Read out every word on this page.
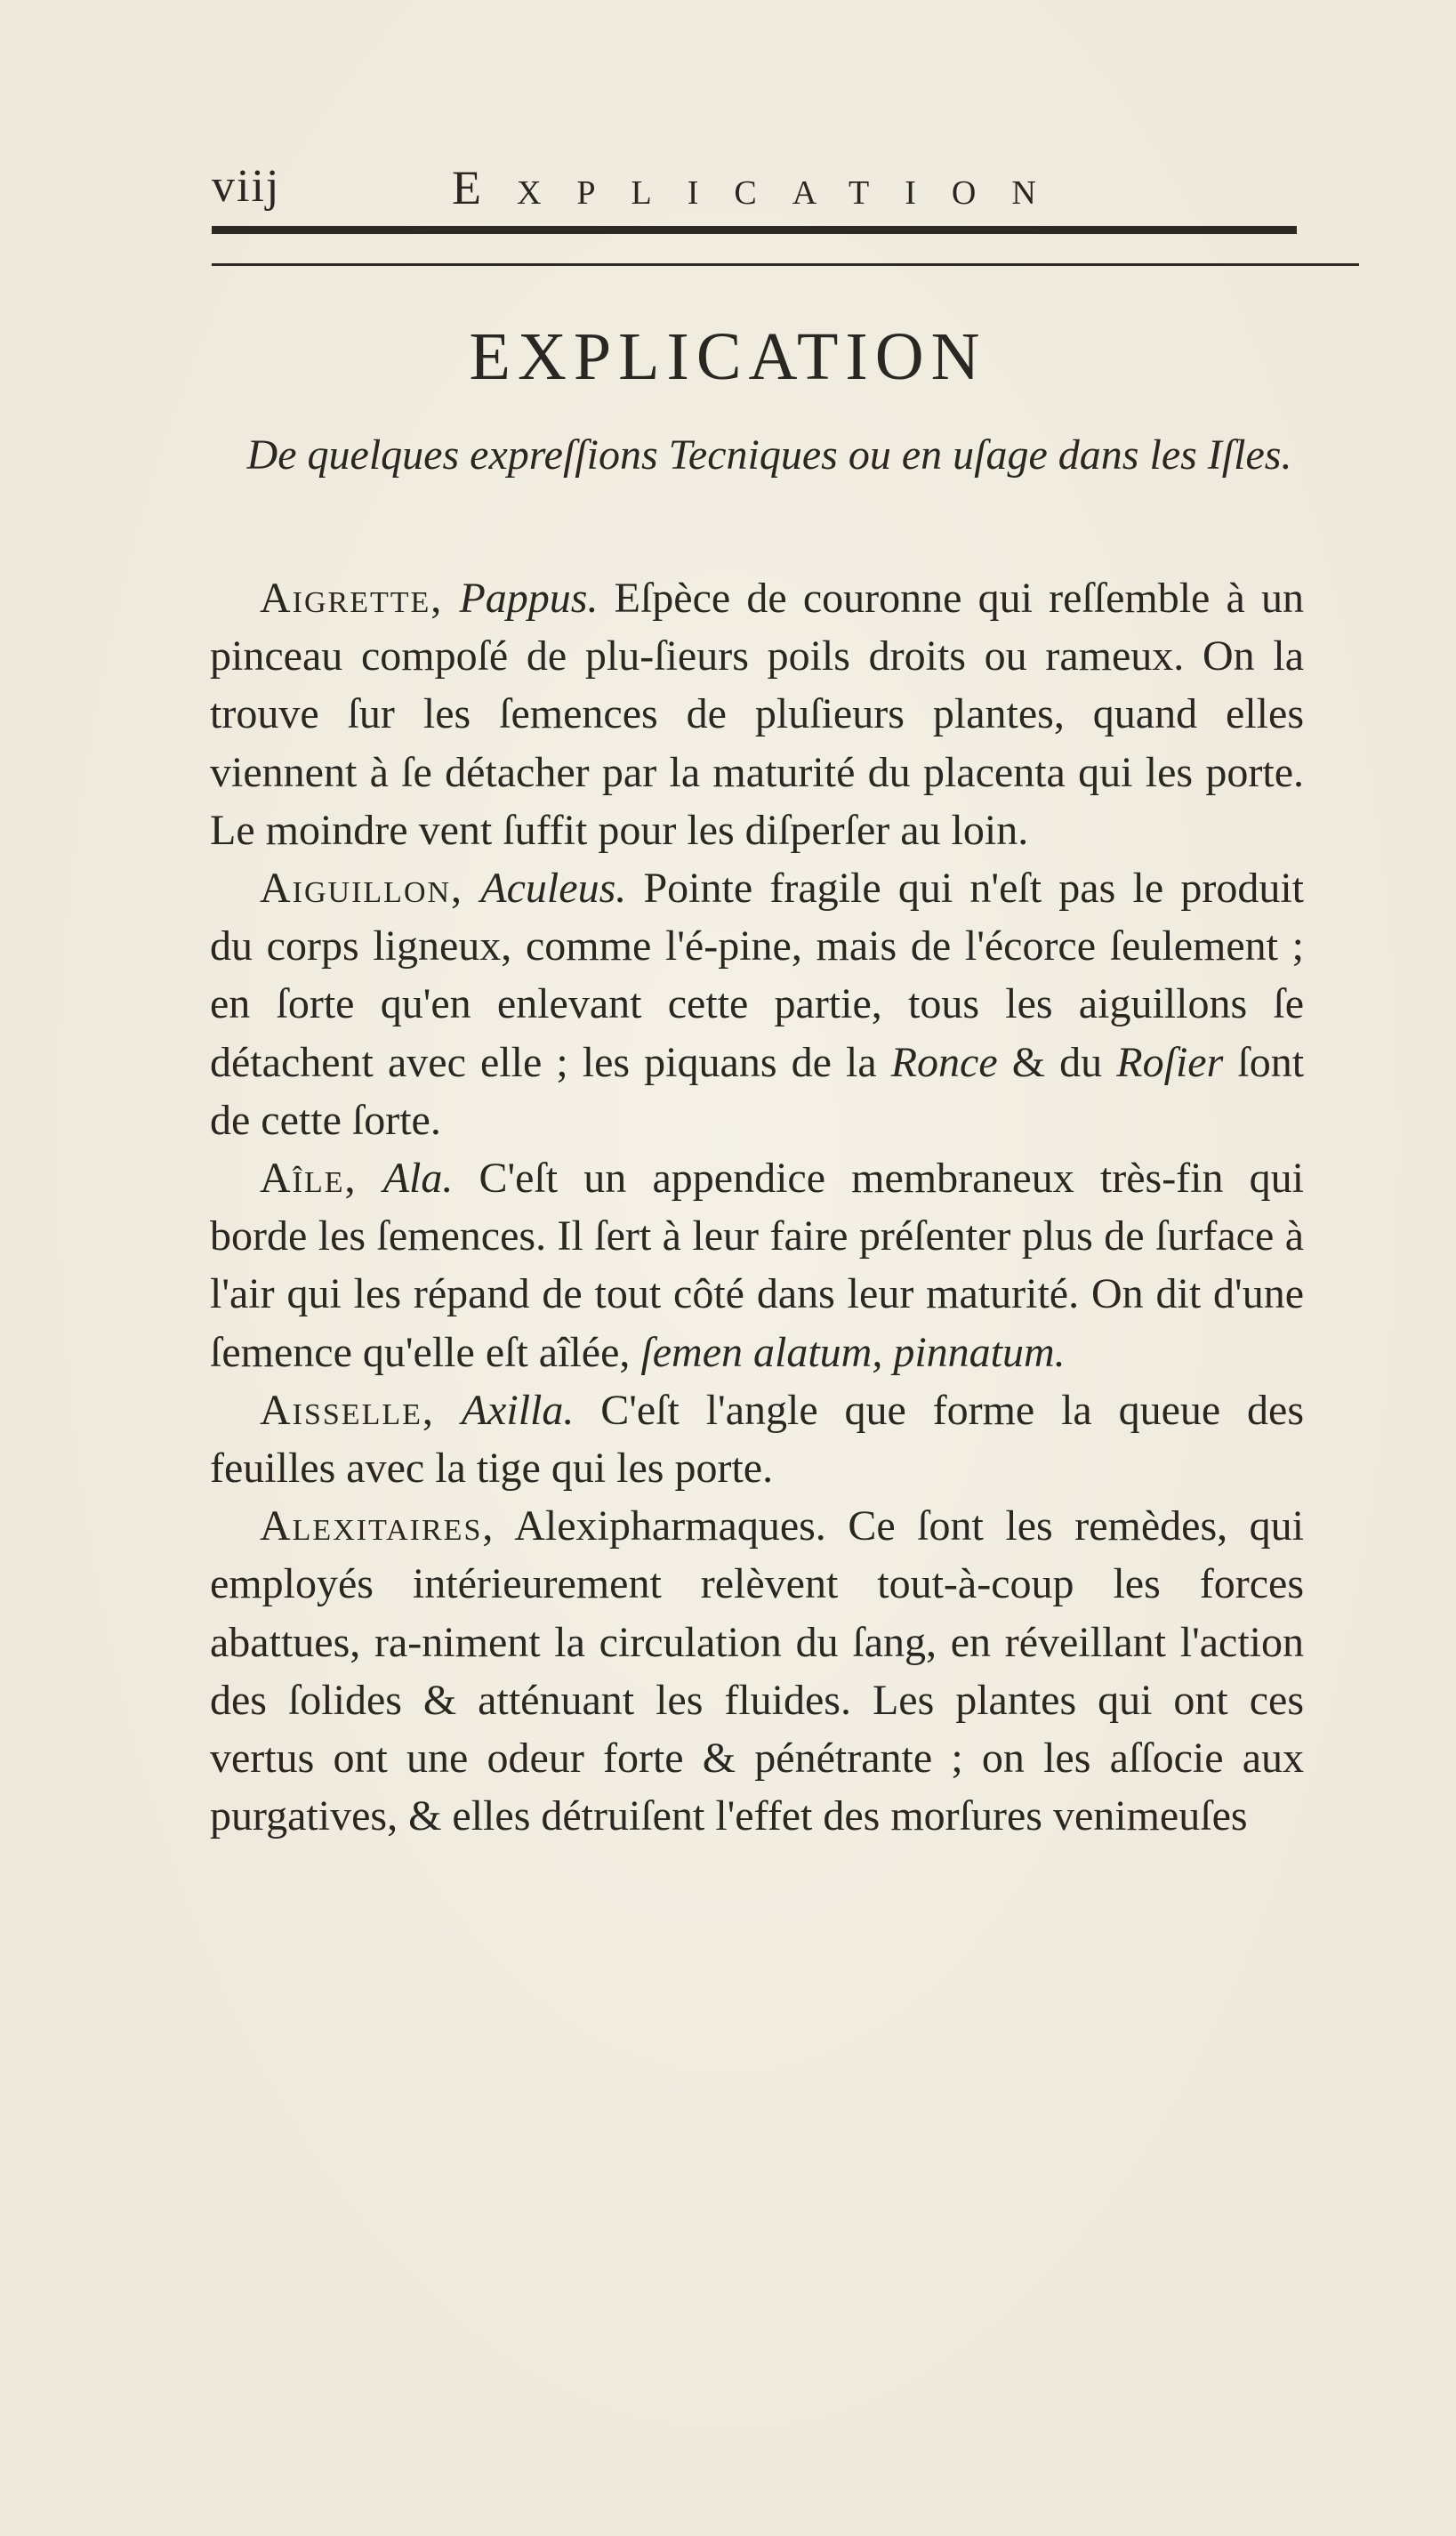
viij	Explication
EXPLICATION
De quelques expreſſions Tecniques ou en uſage dans les Iſles.

Aigrette, Pappus. Eſpèce de couronne qui reſſemble à un pinceau compoſé de plu-ſieurs poils droits ou rameux. On la trouve ſur les ſemences de pluſieurs plantes, quand elles viennent à ſe détacher par la maturité du placenta qui les porte. Le moindre vent ſuffit pour les diſperſer au loin.

Aiguillon, Aculeus. Pointe fragile qui n'eſt pas le produit du corps ligneux, comme l'é-pine, mais de l'écorce ſeulement ; en ſorte qu'en enlevant cette partie, tous les aiguillons ſe détachent avec elle ; les piquans de la Ronce & du Roſier ſont de cette ſorte.

Aîle, Ala. C'eſt un appendice membraneux très-fin qui borde les ſemences. Il ſert à leur faire préſenter plus de ſurface à l'air qui les répand de tout côté dans leur maturité. On dit d'une ſemence qu'elle eſt aîlée, ſemen alatum, pinnatum.

Aisselle, Axilla. C'eſt l'angle que forme la queue des feuilles avec la tige qui les porte.

Alexitaires, Alexipharmaques. Ce ſont les remèdes, qui employés intérieurement relèvent tout-à-coup les forces abattues, ra-niment la circulation du ſang, en réveillant l'action des ſolides & atténuant les fluides. Les plantes qui ont ces vertus ont une odeur forte & pénétrante ; on les aſſocie aux purgatives, & elles détruiſent l'effet des morſures venimeuſes
